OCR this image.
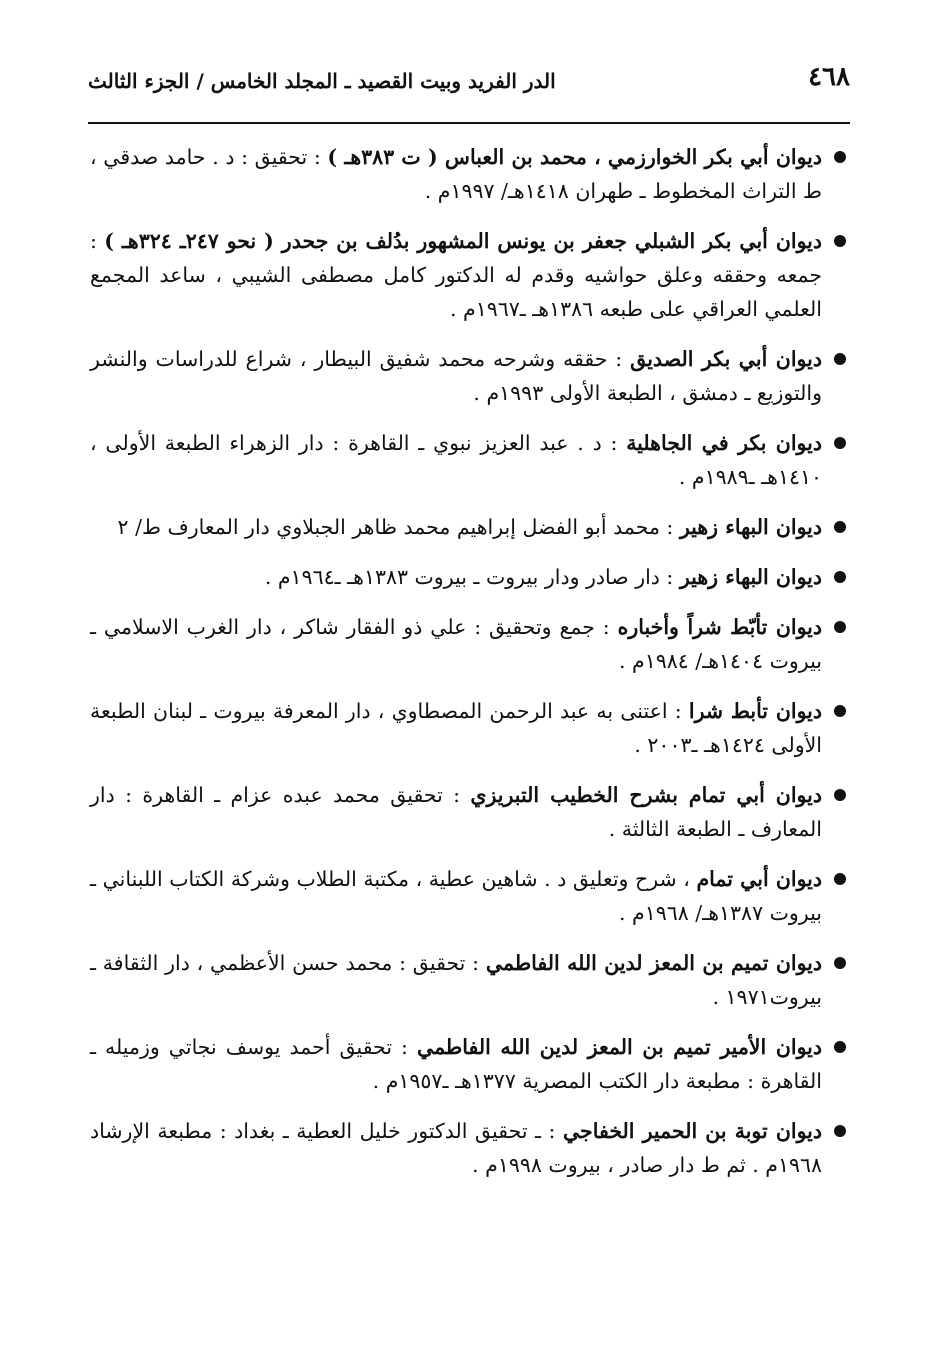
٤٦٨
الدر الفريد وبيت القصيد ـ المجلد الخامس / الجزء الثالث
ديوان أبي بكر الخوارزمي ، محمد بن العباس ( ت ٣٨٣هـ ) : تحقيق : د . حامد صدقي ، ط التراث المخطوط ـ طهران ١٤١٨هـ/ ١٩٩٧م .
ديوان أبي بكر الشبلي جعفر بن يونس المشهور بدُلف بن جحدر ( نحو ٢٤٧ـ ٣٢٤هـ ) : جمعه وحققه وعلق حواشيه وقدم له الدكتور كامل مصطفى الشيبي ، ساعد المجمع العلمي العراقي على طبعه ١٣٨٦هـ ـ١٩٦٧م .
ديوان أبي بكر الصديق : حققه وشرحه محمد شفيق البيطار ، شراع للدراسات والنشر والتوزيع ـ دمشق ، الطبعة الأولى ١٩٩٣م .
ديوان بكر في الجاهلية : د . عبد العزيز نبوي ـ القاهرة : دار الزهراء الطبعة الأولى ، ١٤١٠هـ ـ١٩٨٩م .
ديوان البهاء زهير : محمد أبو الفضل إبراهيم محمد ظاهر الجبلاوي دار المعارف ط/ ٢
ديوان البهاء زهير : دار صادر ودار بيروت ـ بيروت ١٣٨٣هـ ـ١٩٦٤م .
ديوان تأبّط شراً وأخباره : جمع وتحقيق : علي ذو الفقار شاكر ، دار الغرب الاسلامي ـ بيروت ١٤٠٤هـ/ ١٩٨٤م .
ديوان تأبط شرا : اعتنى به عبد الرحمن المصطاوي ، دار المعرفة بيروت ـ لبنان الطبعة الأولى ١٤٢٤هـ ـ٢٠٠٣ .
ديوان أبي تمام بشرح الخطيب التبريزي : تحقيق محمد عبده عزام ـ القاهرة : دار المعارف ـ الطبعة الثالثة .
ديوان أبي تمام ، شرح وتعليق د . شاهين عطية ، مكتبة الطلاب وشركة الكتاب اللبناني ـ بيروت ١٣٨٧هـ/ ١٩٦٨م .
ديوان تميم بن المعز لدين الله الفاطمي : تحقيق : محمد حسن الأعظمي ، دار الثقافة ـ بيروت١٩٧١ .
ديوان الأمير تميم بن المعز لدين الله الفاطمي : تحقيق أحمد يوسف نجاتي وزميله ـ القاهرة : مطبعة دار الكتب المصرية ١٣٧٧هـ ـ١٩٥٧م .
ديوان توبة بن الحمير الخفاجي : ـ تحقيق الدكتور خليل العطية ـ بغداد : مطبعة الإرشاد ١٩٦٨م . ثم ط دار صادر ، بيروت ١٩٩٨م .
